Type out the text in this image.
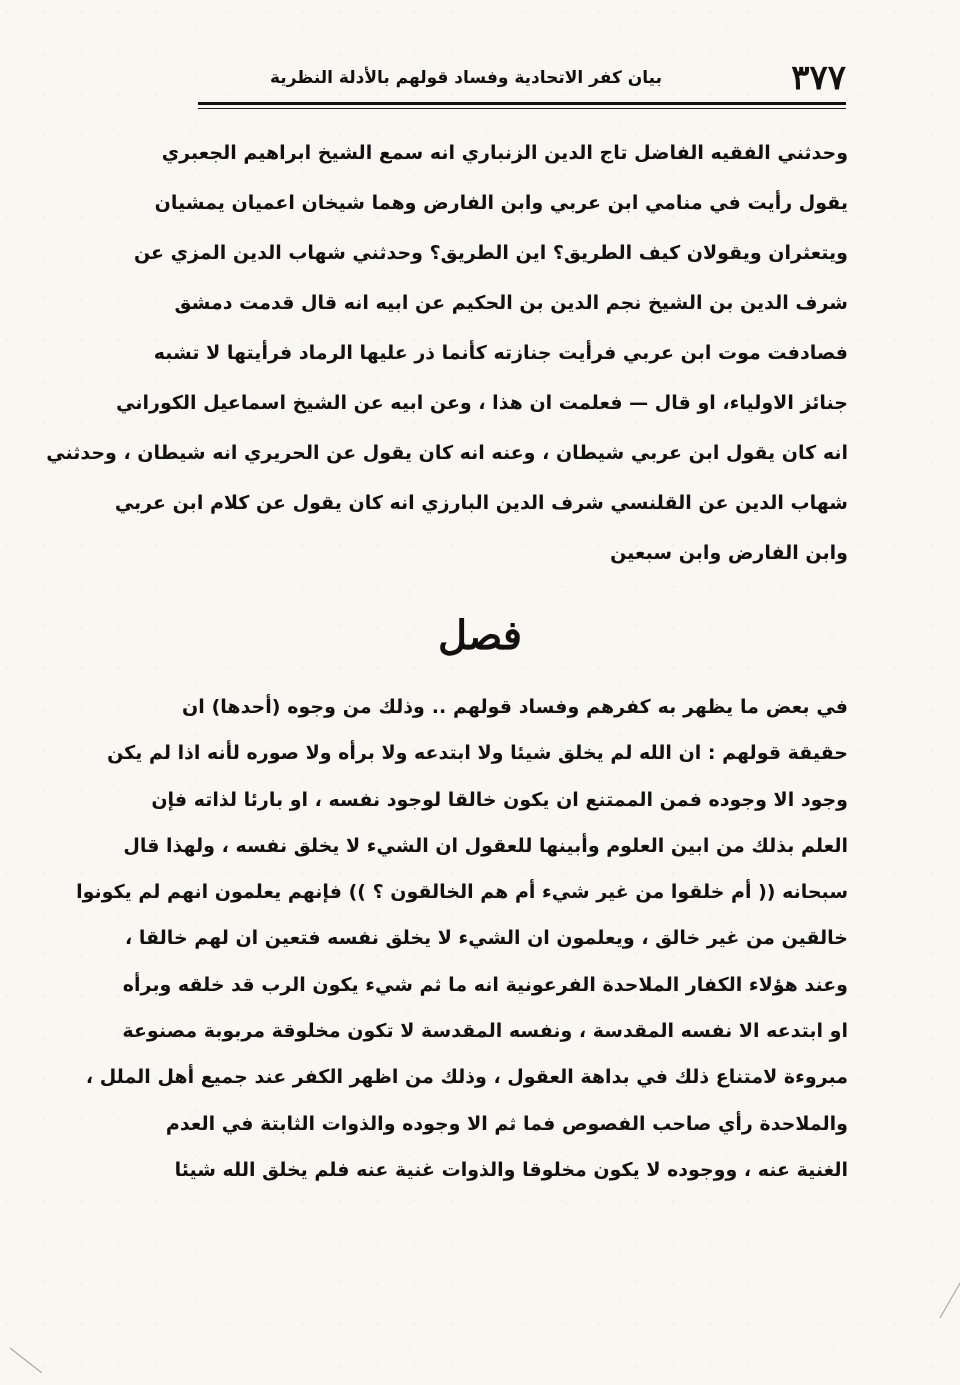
٣٧٧
بيان كفر الاتحادية وفساد قولهم بالأدلة النظرية
وحدثني الفقيه الفاضل تاج الدين الزنباري انه سمع الشيخ ابراهيم الجعبري
يقول رأيت في منامي ابن عربي وابن الفارض وهما شيخان اعميان يمشيان
ويتعثران ويقولان كيف الطريق؟ اين الطريق؟ وحدثني شهاب الدين المزي عن
شرف الدين بن الشيخ نجم الدين بن الحكيم عن ابيه انه قال قدمت دمشق
فصادفت موت ابن عربي فرأيت جنازته كأنما ذر عليها الرماد فرأيتها لا تشبه
جنائز الاولياء، او قال — فعلمت ان هذا ، وعن ابيه عن الشيخ اسماعيل الكوراني
انه كان يقول ابن عربي شيطان ، وعنه انه كان يقول عن الحريري انه شيطان ، وحدثني
شهاب الدين عن القلنسي شرف الدين البارزي انه كان يقول عن كلام ابن عربي
وابن الفارض وابن سبعين
فصل
في بعض ما يظهر به كفرهم وفساد قولهم .. وذلك من وجوه (أحدها) ان
حقيقة قولهم : ان الله لم يخلق شيئا ولا ابتدعه ولا برأه ولا صوره لأنه اذا لم يكن
وجود الا وجوده فمن الممتنع ان يكون خالقا لوجود نفسه ، او بارئا لذاته فإن
العلم بذلك من ابين العلوم وأبينها للعقول ان الشيء لا يخلق نفسه ، ولهذا قال
سبحانه (( أم خلقوا من غير شيء أم هم الخالقون ؟ )) فإنهم يعلمون انهم لم يكونوا
خالقين من غير خالق ، ويعلمون ان الشيء لا يخلق نفسه فتعين ان لهم خالقا ،
وعند هؤلاء الكفار الملاحدة الفرعونية انه ما ثم شيء يكون الرب قد خلقه وبرأه
او ابتدعه الا نفسه المقدسة ، ونفسه المقدسة لا تكون مخلوقة مربوبة مصنوعة
مبروءة لامتناع ذلك في بداهة العقول ، وذلك من اظهر الكفر عند جميع أهل الملل ،
والملاحدة رأي صاحب الفصوص فما ثم الا وجوده والذوات الثابتة في العدم
الغنية عنه ، ووجوده لا يكون مخلوقا والذوات غنية عنه فلم يخلق الله شيئا
